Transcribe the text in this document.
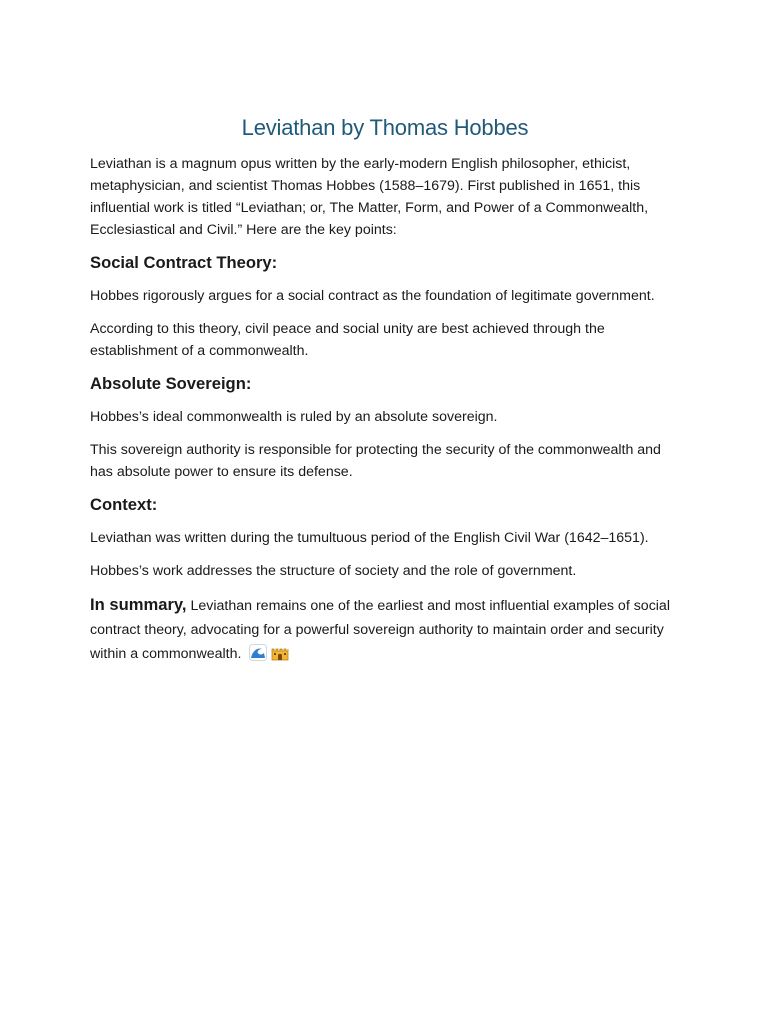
Leviathan by Thomas Hobbes

Leviathan is a magnum opus written by the early-modern English philosopher, ethicist, metaphysician, and scientist Thomas Hobbes (1588–1679). First published in 1651, this influential work is titled “Leviathan; or, The Matter, Form, and Power of a Commonwealth, Ecclesiastical and Civil.” Here are the key points:

Social Contract Theory:

Hobbes rigorously argues for a social contract as the foundation of legitimate government.

According to this theory, civil peace and social unity are best achieved through the establishment of a commonwealth.

Absolute Sovereign:

Hobbes’s ideal commonwealth is ruled by an absolute sovereign.

This sovereign authority is responsible for protecting the security of the commonwealth and has absolute power to ensure its defense.

Context:

Leviathan was written during the tumultuous period of the English Civil War (1642–1651).

Hobbes’s work addresses the structure of society and the role of government.

In summary, Leviathan remains one of the earliest and most influential examples of social contract theory, advocating for a powerful sovereign authority to maintain order and security within a commonwealth.
